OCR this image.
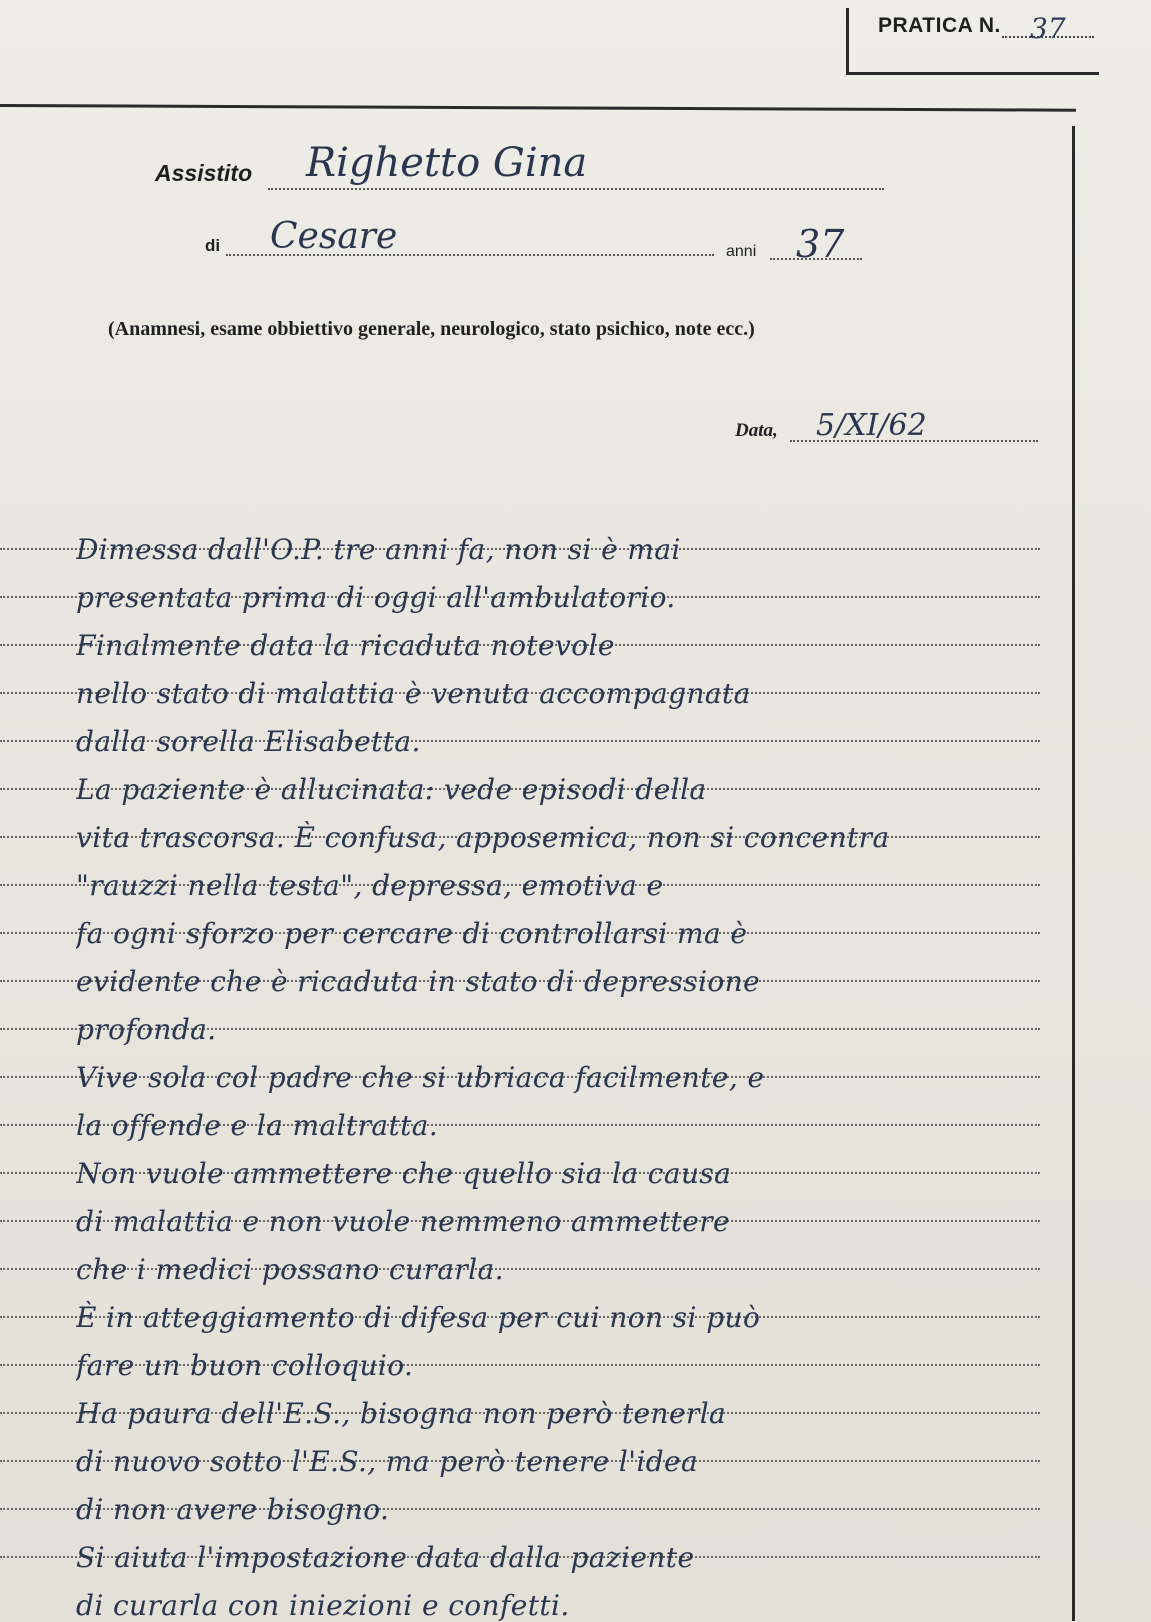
PRATICA N. 37
Assistito Righetto Gina
di Cesare	anni 37
(Anamnesi, esame obbiettivo generale, neurologico, stato psichico, note ecc.)
Data, 5/XI/62
Dimessa dall'O.P. tre anni fa, non si è mai
presentata prima di oggi all'ambulatorio.
Finalmente data la ricaduta notevole
nello stato di malattia è venuta accompagnata
dalla sorella Elisabetta.
La paziente è allucinata: vede episodi della
vita trascorsa. È confusa, apposemica, non si concentra
"rauzzi nella testa", depressa, emotiva e
fa ogni sforzo per cercare di controllarsi ma è
evidente che è ricaduta in stato di depressione
profonda.
Vive sola col padre che si ubriaca facilmente, e
la offende e la maltratta.
Non vuole ammettere che quello sia la causa
di malattia e non vuole nemmeno ammettere
che i medici possano curarla.
È in atteggiamento di difesa per cui non si può
fare un buon colloquio.
Ha paura dell'E.S., bisogna non però tenerla
di nuovo sotto l'E.S., ma però tenere l'idea
di non avere bisogno.
Si aiuta l'impostazione data dalla paziente
di curarla con iniezioni e confetti.
